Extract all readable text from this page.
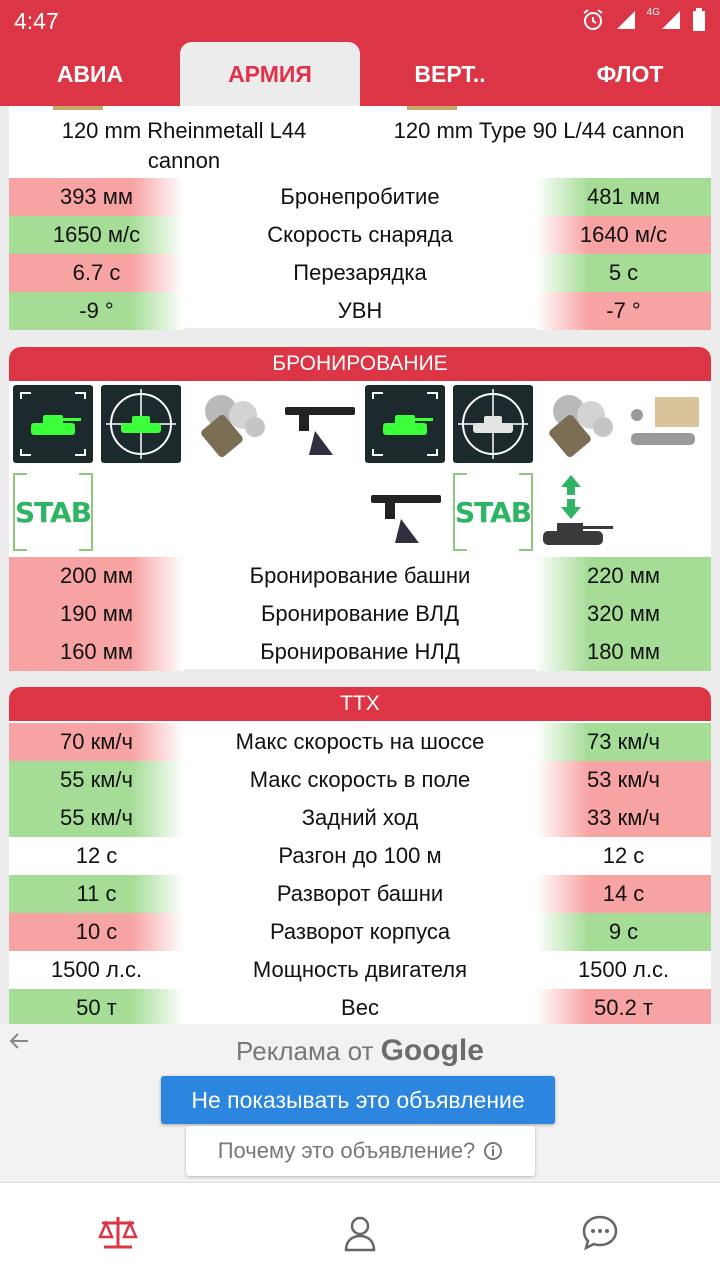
4:47	4G
АВИА	АРМИЯ	ВЕРТ..	ФЛОТ
120 mm Rheinmetall L44 cannon
120 mm Type 90 L/44 cannon
393 мм	Бронепробитие	481 мм
1650 м/с	Скорость снаряда	1640 м/с
6.7 с	Перезарядка	5 с
-9 °	УВН	-7 °
БРОНИРОВАНИЕ
STAB	STAB
200 мм	Бронирование башни	220 мм
190 мм	Бронирование ВЛД	320 мм
160 мм	Бронирование НЛД	180 мм
ТТХ
70 км/ч	Макс скорость на шоссе	73 км/ч
55 км/ч	Макс скорость в поле	53 км/ч
55 км/ч	Задний ход	33 км/ч
12 с	Разгон до 100 м	12 с
11 с	Разворот башни	14 с
10 с	Разворот корпуса	9 с
1500 л.с.	Мощность двигателя	1500 л.с.
50 т	Вес	50.2 т
Реклама от Google
Не показывать это объявление
Почему это объявление?
